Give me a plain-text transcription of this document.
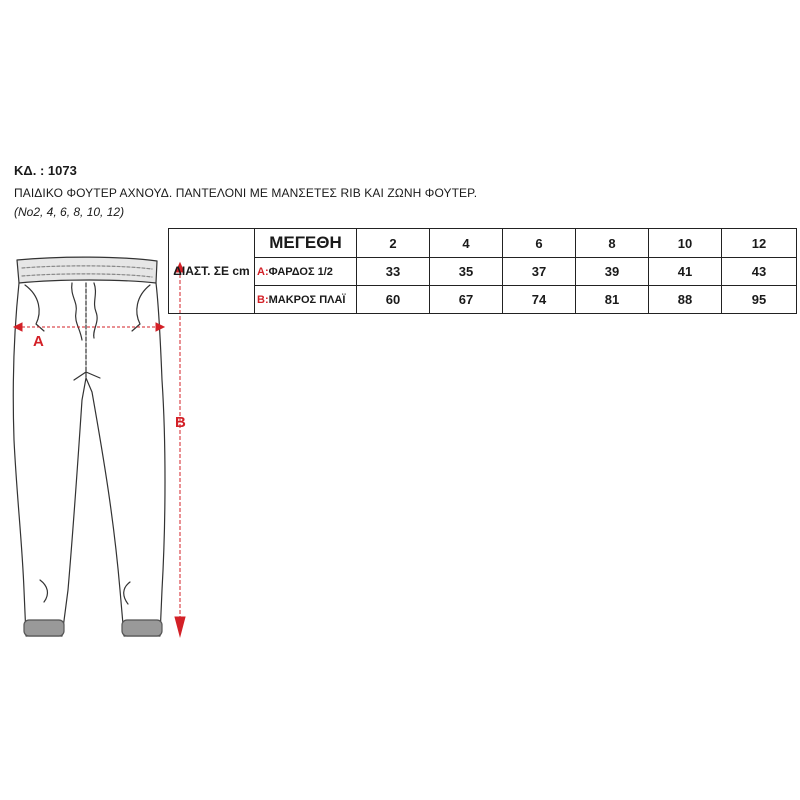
ΚΔ. : 1073
ΠΑΙΔΙΚΟ ΦΟΥΤΕΡ ΑΧΝΟΥΔ. ΠΑΝΤΕΛΟΝΙ ΜΕ ΜΑΝΣΕΤΕΣ RIB ΚΑΙ ΖΩΝΗ ΦΟΥΤΕΡ.
(Νο2, 4, 6, 8, 10, 12)
A
B
ΔΙΑΣΤ. ΣΕ cm	ΜΕΓΕΘΗ	2	4	6	8	10	12
	A:ΦΑΡΔΟΣ 1/2	33	35	37	39	41	43
	B:ΜΑΚΡΟΣ ΠΛΑΪ	60	67	74	81	88	95
